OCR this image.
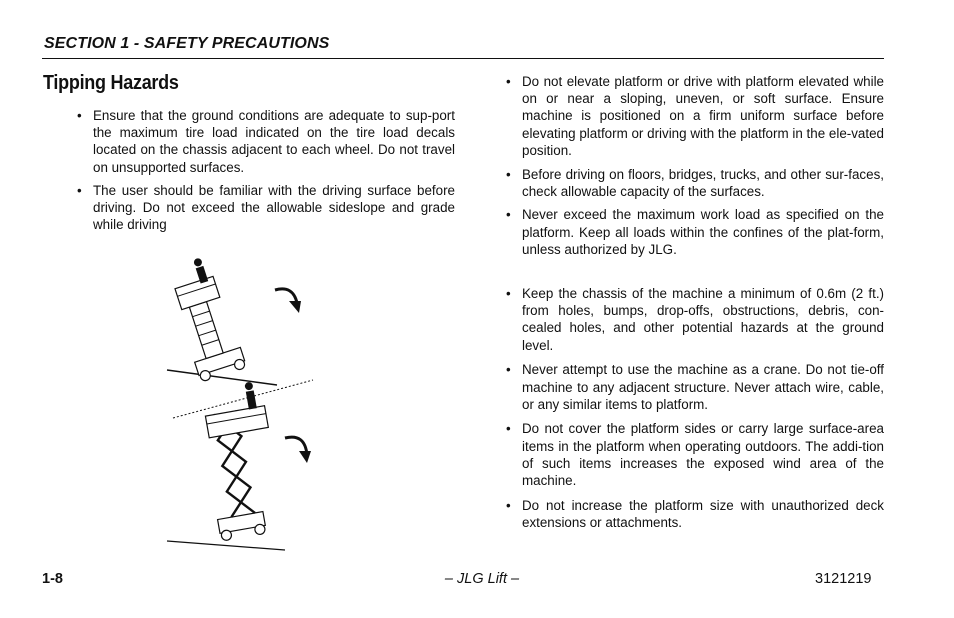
SECTION 1 - SAFETY PRECAUTIONS
Tipping Hazards
• Ensure that the ground conditions are adequate to sup-port the maximum tire load indicated on the tire load decals located on the chassis adjacent to each wheel. Do not travel on unsupported surfaces.
• The user should be familiar with the driving surface before driving. Do not exceed the allowable sideslope and grade while driving
• Do not elevate platform or drive with platform elevated while on or near a sloping, uneven, or soft surface. Ensure machine is positioned on a firm uniform surface before elevating platform or driving with the platform in the ele-vated position.
• Before driving on floors, bridges, trucks, and other sur-faces, check allowable capacity of the surfaces.
• Never exceed the maximum work load as specified on the platform. Keep all loads within the confines of the plat-form, unless authorized by JLG.
• Keep the chassis of the machine a minimum of 0.6m (2 ft.) from holes, bumps, drop-offs, obstructions, debris, con-cealed holes, and other potential hazards at the ground level.
• Never attempt to use the machine as a crane. Do not tie-off machine to any adjacent structure. Never attach wire, cable, or any similar items to platform.
• Do not cover the platform sides or carry large surface-area items in the platform when operating outdoors. The addi-tion of such items increases the exposed wind area of the machine.
• Do not increase the platform size with unauthorized deck extensions or attachments.
1-8	– JLG Lift –	3121219
